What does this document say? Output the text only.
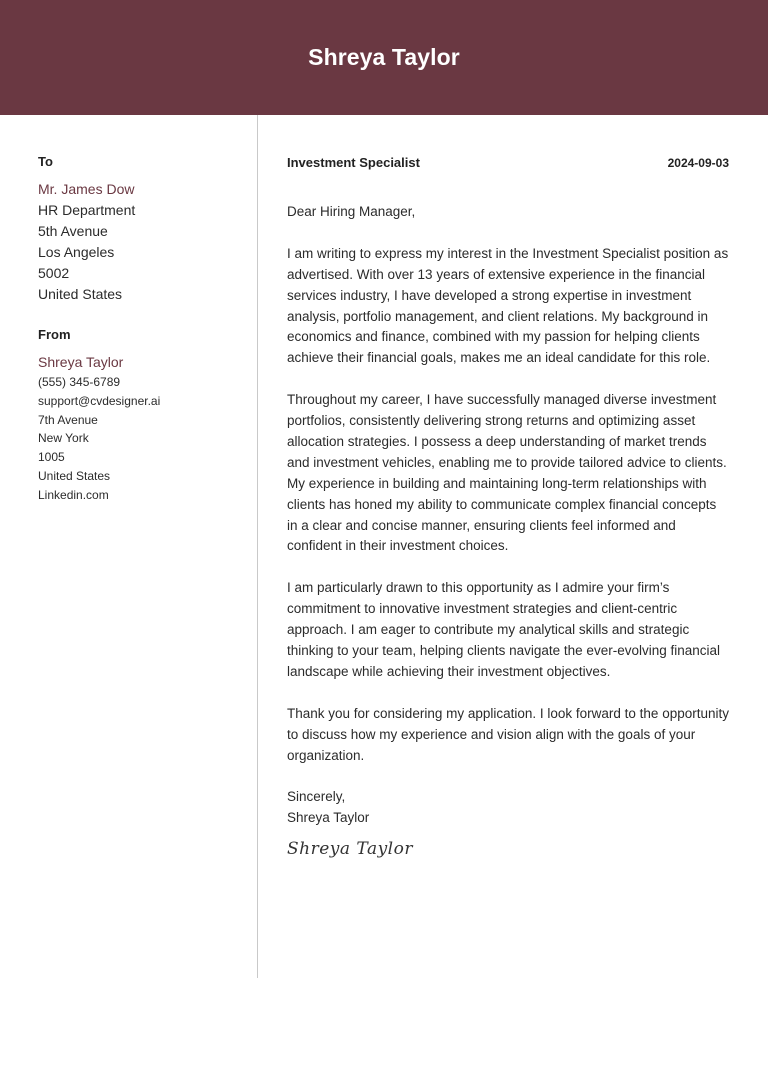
Shreya Taylor
To
Mr. James Dow
HR Department
5th Avenue
Los Angeles
5002
United States
From
Shreya Taylor
(555) 345-6789
support@cvdesigner.ai
7th Avenue
New York
1005
United States
Linkedin.com
Investment Specialist	2024-09-03

Dear Hiring Manager,

I am writing to express my interest in the Investment Specialist position as advertised. With over 13 years of extensive experience in the financial services industry, I have developed a strong expertise in investment analysis, portfolio management, and client relations. My background in economics and finance, combined with my passion for helping clients achieve their financial goals, makes me an ideal candidate for this role.

Throughout my career, I have successfully managed diverse investment portfolios, consistently delivering strong returns and optimizing asset allocation strategies. I possess a deep understanding of market trends and investment vehicles, enabling me to provide tailored advice to clients. My experience in building and maintaining long-term relationships with clients has honed my ability to communicate complex financial concepts in a clear and concise manner, ensuring clients feel informed and confident in their investment choices.

I am particularly drawn to this opportunity as I admire your firm’s commitment to innovative investment strategies and client-centric approach. I am eager to contribute my analytical skills and strategic thinking to your team, helping clients navigate the ever-evolving financial landscape while achieving their investment objectives.

Thank you for considering my application. I look forward to the opportunity to discuss how my experience and vision align with the goals of your organization.

Sincerely,
Shreya Taylor
Shreya Taylor
